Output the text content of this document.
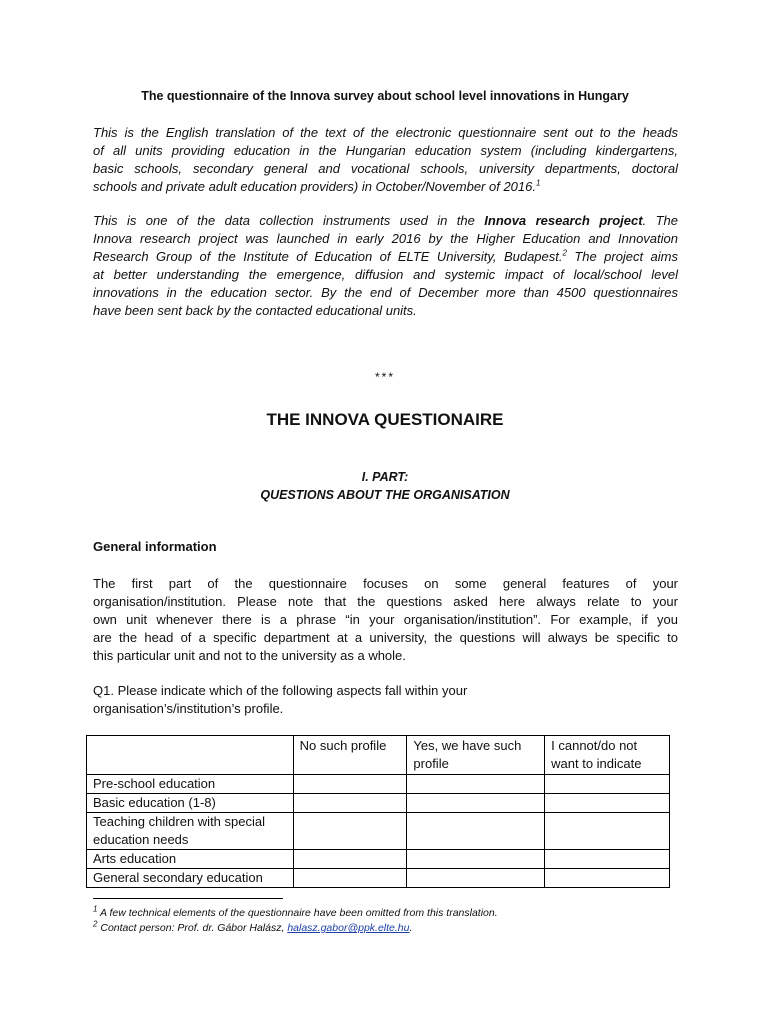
The questionnaire of the Innova survey about school level innovations in Hungary
This is the English translation of the text of the electronic questionnaire sent out to the heads
of all units providing education in the Hungarian education system (including kindergartens,
basic schools, secondary general and vocational schools, university departments, doctoral
schools and private adult education providers) in October/November of 2016.$^1$
This is one of the data collection instruments used in the Innova research project. The
Innova research project was launched in early 2016 by the Higher Education and Innovation
Research Group of the Institute of Education of ELTE University, Budapest.$^2$ The project aims
at better understanding the emergence, diffusion and systemic impact of local/school level
innovations in the education sector. By the end of December more than 4500 questionnaires
have been sent back by the contacted educational units.
***
THE INNOVA QUESTIONAIRE
I. PART:
QUESTIONS ABOUT THE ORGANISATION
General information
The first part of the questionnaire focuses on some general features of your
organisation/institution. Please note that the questions asked here always relate to your
own unit whenever there is a phrase “in your organisation/institution”. For example, if you
are the head of a specific department at a university, the questions will always be specific to
this particular unit and not to the university as a whole.
Q1. Please indicate which of the following aspects fall within your
organisation’s/institution’s profile.
	No such profile	Yes, we have such profile	I cannot/do not want to indicate
Pre-school education			
Basic education (1-8)			
Teaching children with special education needs			
Arts education			
General secondary education			
$^1$ A few technical elements of the questionnaire have been omitted from this translation.
$^2$ Contact person: Prof. dr. Gábor Halász, halasz.gabor@ppk.elte.hu.
